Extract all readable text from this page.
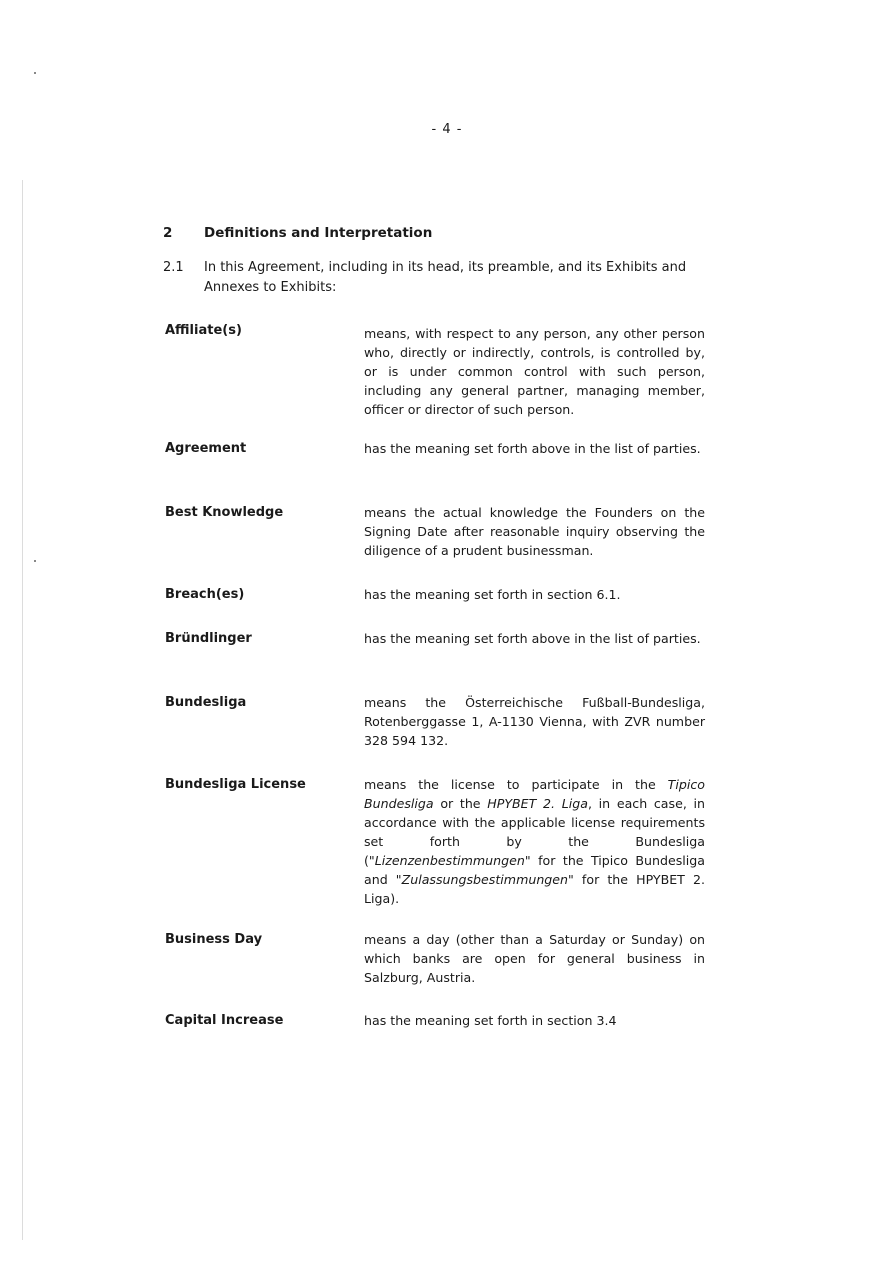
- 4 -
2 Definitions and Interpretation
2.1 In this Agreement, including in its head, its preamble, and its Exhibits and Annexes to Exhibits:
Affiliate(s)	means, with respect to any person, any other person who, directly or indirectly, controls, is controlled by, or is under common control with such person, including any general partner, managing member, officer or director of such person.
Agreement	has the meaning set forth above in the list of parties.
Best Knowledge	means the actual knowledge the Founders on the Signing Date after reasonable inquiry observing the diligence of a prudent businessman.
Breach(es)	has the meaning set forth in section 6.1.
Bründlinger	has the meaning set forth above in the list of parties.
Bundesliga	means the Österreichische Fußball-Bundesliga, Rotenberggasse 1, A-1130 Vienna, with ZVR number 328 594 132.
Bundesliga License	means the license to participate in the Tipico Bundesliga or the HPYBET 2. Liga, in each case, in accordance with the applicable license requirements set forth by the Bundesliga ("Lizenzenbestimmungen" for the Tipico Bundesliga and "Zulassungsbestimmungen" for the HPYBET 2. Liga).
Business Day	means a day (other than a Saturday or Sunday) on which banks are open for general business in Salzburg, Austria.
Capital Increase	has the meaning set forth in section 3.4
